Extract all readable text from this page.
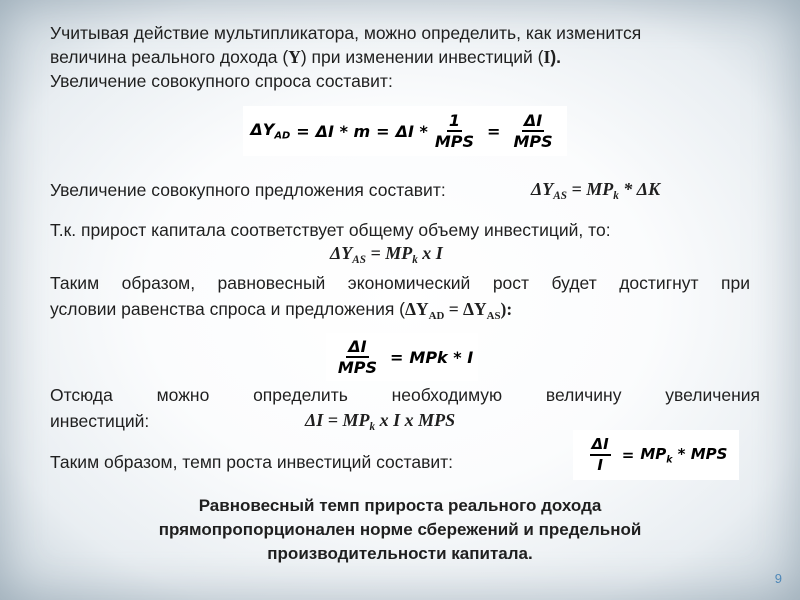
Учитывая действие мультипликатора, можно определить, как изменится

величина реального дохода (Y) при изменении инвестиций (I).

Увеличение совокупного спроса составит:

$\Delta Y_{AD} = \Delta I * m = \Delta I * \frac{1}{\text{MPS}} = \frac{\Delta I}{\text{MPS}}$

Увеличение совокупного предложения составит:	$\Delta Y_{AS} = MP_k * \Delta K$

Т.к. прирост капитала соответствует общему объему инвестиций, то:

$\Delta Y_{AS} = MP_k$ x I

Таким образом, равновесный экономический рост будет достигнут при

условии равенства спроса и предложения $(\Delta Y_{AD} = \Delta Y_{AS})$:

$\frac{\Delta I}{\text{MPS}}$ = MPk * I

Отсюда можно определить необходимую величину увеличения

инвестиций:	$\Delta I = MP_k$ x I x MPS

$\frac{\Delta I}{I} = MP_k$ * MPS

Таким образом, темп роста инвестиций составит:

Равновесный темп прироста реального дохода
прямопропорционален норме сбережений и предельной
производительности капитала.
9
